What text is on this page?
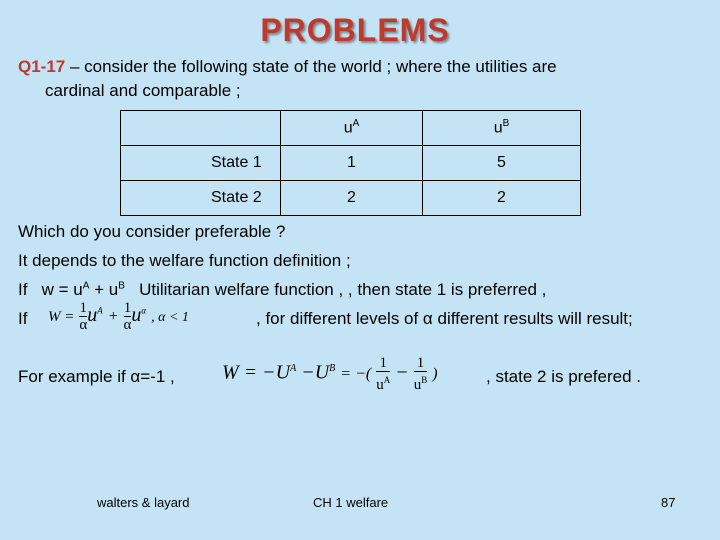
PROBLEMS
Q1-17 – consider the following state of the world ; where the utilities are
cardinal and comparable ;
	$u^A$	$u^B$
State 1	1	5
State 2	2	2
Which do you consider preferable ?
It depends to the welfare function definition ;
If $w = u^A + u^B$ Utilitarian welfare function , , then state 1 is preferred ,
If	, for different levels of α different results will result;
$W = \frac{1}{\alpha} u^A + \frac{1}{\alpha} u^\alpha$ , α < 1
For example if α=-1 , $W = -U^A -U^B$ = −( $\frac{1}{u^A} - \frac{1}{u^B}$ )	, state 2 is prefered .
walters & layard	CH 1 welfare	87
